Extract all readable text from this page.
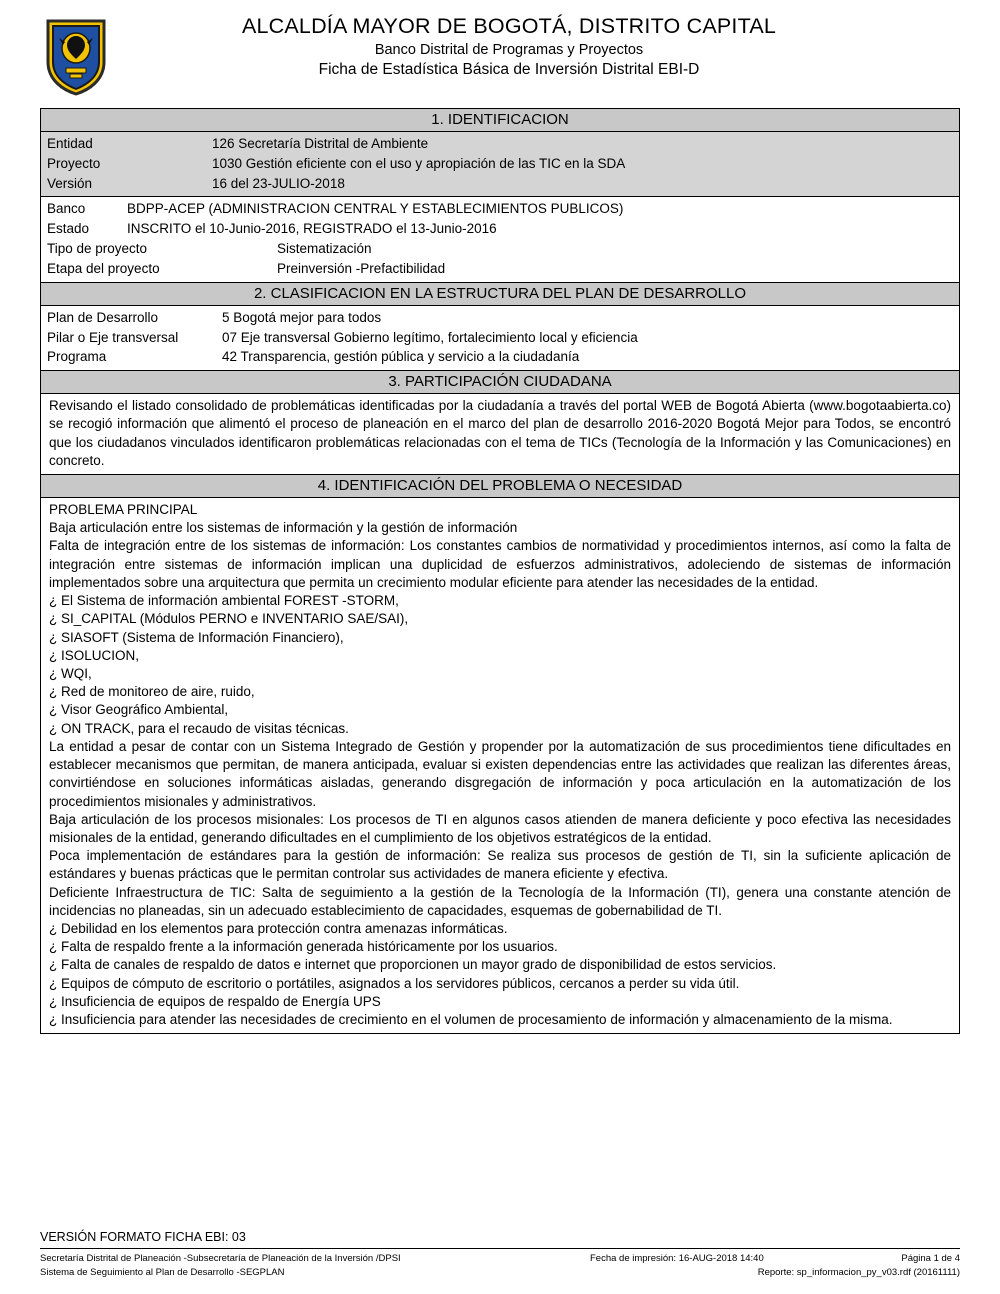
ALCALDÍA MAYOR DE BOGOTÁ, DISTRITO CAPITAL
Banco Distrital de Programas y Proyectos
Ficha de Estadística Básica de Inversión Distrital EBI-D
1. IDENTIFICACION
Entidad	126 Secretaría Distrital de Ambiente
Proyecto	1030 Gestión eficiente con el uso y apropiación de las TIC en la SDA
Versión	16 del 23-JULIO-2018
Banco	BDPP-ACEP (ADMINISTRACION CENTRAL Y ESTABLECIMIENTOS PUBLICOS)
Estado	INSCRITO el 10-Junio-2016, REGISTRADO el 13-Junio-2016
Tipo de proyecto	Sistematización
Etapa del proyecto	Preinversión -Prefactibilidad
2. CLASIFICACION EN LA ESTRUCTURA DEL PLAN DE DESARROLLO
Plan de Desarrollo	5 Bogotá mejor para todos
Pilar o Eje transversal	07 Eje transversal Gobierno legítimo, fortalecimiento local y eficiencia
Programa	42 Transparencia, gestión pública y servicio a la ciudadanía
3. PARTICIPACIÓN CIUDADANA

Revisando el listado consolidado de problemáticas identificadas por la ciudadanía a través del portal WEB de Bogotá Abierta (www.bogotaabierta.co) se recogió información que alimentó el proceso de planeación en el marco del plan de desarrollo 2016-2020 Bogotá Mejor para Todos, se encontró que los ciudadanos vinculados identificaron problemáticas relacionadas con el tema de TICs (Tecnología de la Información y las Comunicaciones) en concreto.

4. IDENTIFICACIÓN DEL PROBLEMA O NECESIDAD

PROBLEMA PRINCIPAL

Baja articulación entre los sistemas de información y la gestión de información

Falta de integración entre de los sistemas de información: Los constantes cambios de normatividad y procedimientos internos, así como la falta de integración entre sistemas de información implican una duplicidad de esfuerzos administrativos, adoleciendo de sistemas de información implementados sobre una arquitectura que permita un crecimiento modular eficiente para atender las necesidades de la entidad.

¿ El Sistema de información ambiental FOREST -STORM,

¿ SI_CAPITAL (Módulos PERNO e INVENTARIO SAE/SAI),

¿ SIASOFT (Sistema de Información Financiero),

¿ ISOLUCION,

¿ WQI,

¿ Red de monitoreo de aire, ruido,

¿ Visor Geográfico Ambiental,

¿ ON TRACK, para el recaudo de visitas técnicas.

La entidad a pesar de contar con un Sistema Integrado de Gestión y propender por la automatización de sus procedimientos tiene dificultades en establecer mecanismos que permitan, de manera anticipada, evaluar si existen dependencias entre las actividades que realizan las diferentes áreas, convirtiéndose en soluciones informáticas aisladas, generando disgregación de información y poca articulación en la automatización de los procedimientos misionales y administrativos.

Baja articulación de los procesos misionales: Los procesos de TI en algunos casos atienden de manera deficiente y poco efectiva las necesidades misionales de la entidad, generando dificultades en el cumplimiento de los objetivos estratégicos de la entidad.

Poca implementación de estándares para la gestión de información: Se realiza sus procesos de gestión de TI, sin la suficiente aplicación de estándares y buenas prácticas que le permitan controlar sus actividades de manera eficiente y efectiva.

Deficiente Infraestructura de TIC: Salta de seguimiento a la gestión de la Tecnología de la Información (TI), genera una constante atención de incidencias no planeadas, sin un adecuado establecimiento de capacidades, esquemas de gobernabilidad de TI.

¿ Debilidad en los elementos para protección contra amenazas informáticas.

¿ Falta de respaldo frente a la información generada históricamente por los usuarios.

¿ Falta de canales de respaldo de datos e internet que proporcionen un mayor grado de disponibilidad de estos servicios.

¿ Equipos de cómputo de escritorio o portátiles, asignados a los servidores públicos, cercanos a perder su vida útil.

¿ Insuficiencia de equipos de respaldo de Energía UPS

¿ Insuficiencia para atender las necesidades de crecimiento en el volumen de procesamiento de información y almacenamiento de la misma.

VERSIÓN FORMATO FICHA EBI: 03
Secretaría Distrital de Planeación -Subsecretaría de Planeación de la Inversión /DPSI
Sistema de Seguimiento al Plan de Desarrollo -SEGPLAN
Fecha de impresión: 16-AUG-2018 14:40	Página 1 de 4
Reporte: sp_informacion_py_v03.rdf (20161111)
